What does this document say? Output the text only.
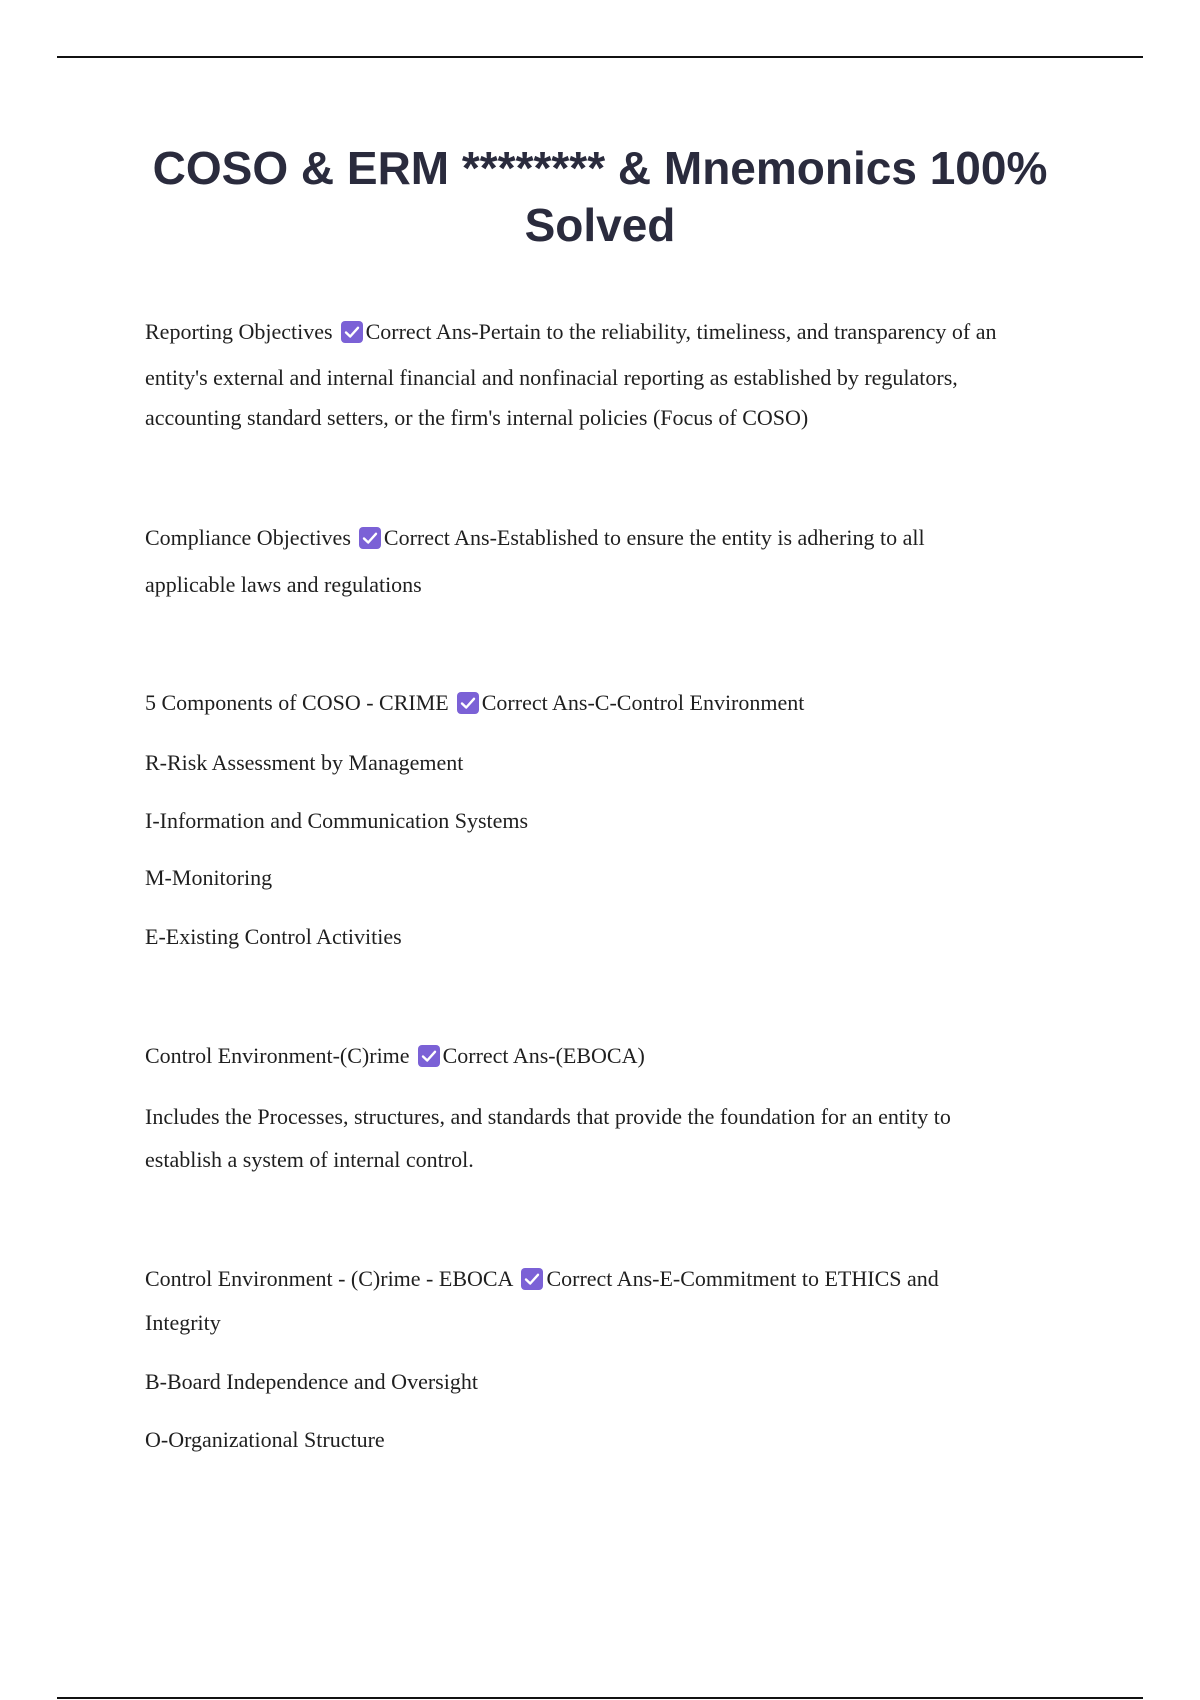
COSO & ERM ******** & Mnemonics 100% Solved
Reporting Objectives Correct Ans-Pertain to the reliability, timeliness, and transparency of an
entity's external and internal financial and nonfinacial reporting as established by regulators,
accounting standard setters, or the firm's internal policies (Focus of COSO)
Compliance Objectives Correct Ans-Established to ensure the entity is adhering to all
applicable laws and regulations
5 Components of COSO - CRIME Correct Ans-C-Control Environment
R-Risk Assessment by Management
I-Information and Communication Systems
M-Monitoring
E-Existing Control Activities
Control Environment-(C)rime Correct Ans-(EBOCA)
Includes the Processes, structures, and standards that provide the foundation for an entity to
establish a system of internal control.
Control Environment - (C)rime - EBOCA Correct Ans-E-Commitment to ETHICS and
Integrity
B-Board Independence and Oversight
O-Organizational Structure
